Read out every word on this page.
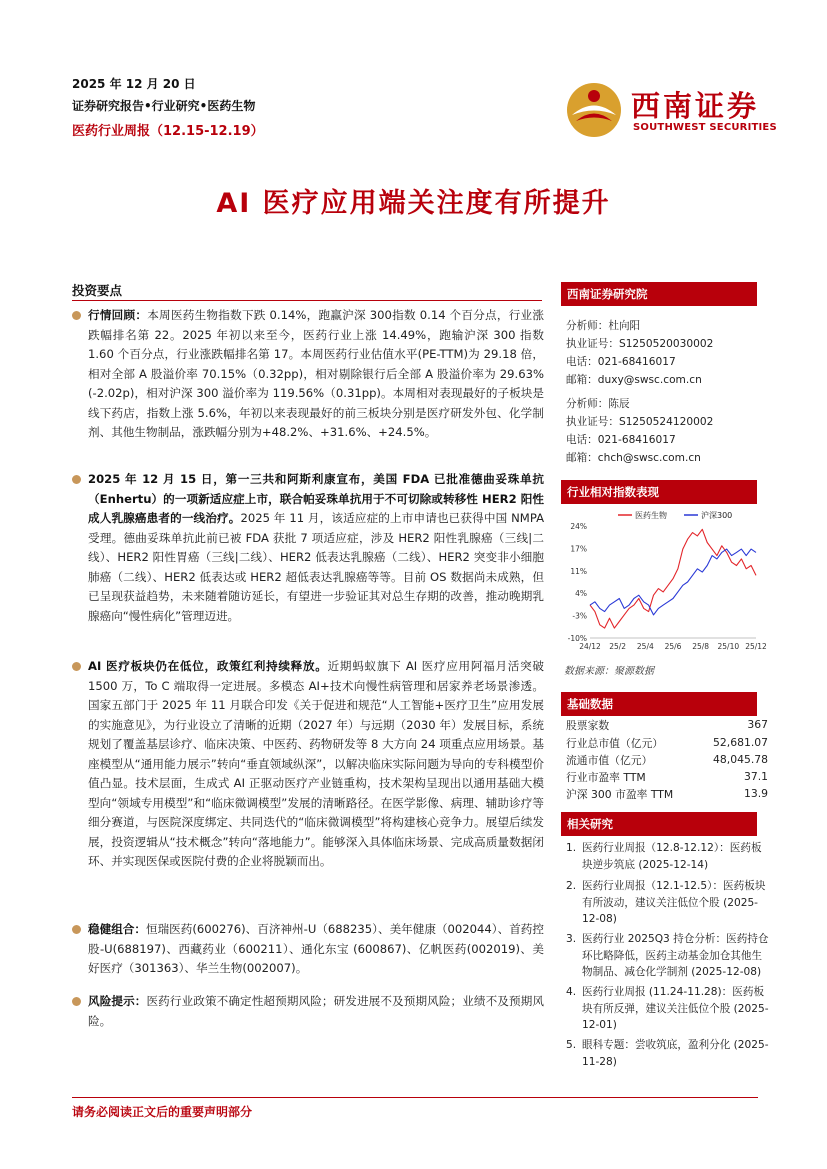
2025 年 12 月 20 日
证券研究报告•行业研究•医药生物
医药行业周报（12.15-12.19）
西南证券
SOUTHWEST SECURITIES
AI 医疗应用端关注度有所提升
投资要点
行情回顾：本周医药生物指数下跌 0.14%，跑赢沪深 300指数 0.14 个百分点，行业涨跌幅排名第 22。2025 年初以来至今，医药行业上涨 14.49%，跑输沪深 300 指数 1.60 个百分点，行业涨跌幅排名第 17。本周医药行业估值水平(PE-TTM)为 29.18 倍，相对全部 A 股溢价率 70.15%（0.32pp)，相对剔除银行后全部 A 股溢价率为 29.63%(-2.02p)，相对沪深 300 溢价率为 119.56%（0.31pp)。本周相对表现最好的子板块是线下药店，指数上涨 5.6%，年初以来表现最好的前三板块分别是医疗研发外包、化学制剂、其他生物制品，涨跌幅分别为+48.2%、+31.6%、+24.5%。
2025 年 12 月 15 日，第一三共和阿斯利康宣布，美国 FDA 已批准德曲妥珠单抗（Enhertu）的一项新适应症上市，联合帕妥珠单抗用于不可切除或转移性 HER2 阳性成人乳腺癌患者的一线治疗。2025 年 11 月，该适应症的上市申请也已获得中国 NMPA 受理。德曲妥珠单抗此前已被 FDA 获批 7 项适应症，涉及 HER2 阳性乳腺癌（三线|二线）、HER2 阳性胃癌（三线|二线）、HER2 低表达乳腺癌（二线）、HER2 突变非小细胞肺癌（二线）、HER2 低表达或 HER2 超低表达乳腺癌等等。目前 OS 数据尚未成熟，但已呈现获益趋势，未来随着随访延长，有望进一步验证其对总生存期的改善，推动晚期乳腺癌向“慢性病化”管理迈进。
AI 医疗板块仍在低位，政策红利持续释放。近期蚂蚁旗下 AI 医疗应用阿福月活突破 1500 万，To C 端取得一定进展。多模态 AI+技术向慢性病管理和居家养老场景渗透。国家五部门于 2025 年 11 月联合印发《关于促进和规范“人工智能+医疗卫生”应用发展的实施意见》，为行业设立了清晰的近期（2027 年）与远期（2030 年）发展目标，系统规划了覆盖基层诊疗、临床决策、中医药、药物研发等 8 大方向 24 项重点应用场景。基座模型从“通用能力展示”转向“垂直领域纵深”，以解决临床实际问题为导向的专科模型价值凸显。技术层面，生成式 AI 正驱动医疗产业链重构，技术架构呈现出以通用基础大模型向“领域专用模型”和“临床微调模型”发展的清晰路径。在医学影像、病理、辅助诊疗等细分赛道，与医院深度绑定、共同迭代的“临床微调模型”将构建核心竞争力。展望后续发展，投资逻辑从“技术概念”转向“落地能力”。能够深入具体临床场景、完成高质量数据闭环、并实现医保或医院付费的企业将脱颖而出。
稳健组合：恒瑞医药(600276)、百济神州-U（688235）、美年健康（002044）、首药控股-U(688197)、西藏药业（600211）、通化东宝 (600867)、亿帆医药(002019)、美好医疗（301363）、华兰生物(002007)。
风险提示：医药行业政策不确定性超预期风险；研发进展不及预期风险；业绩不及预期风险。
西南证券研究院
分析师：杜向阳
执业证号：S1250520030002
电话：021-68416017
邮箱：duxy@swsc.com.cn
分析师：陈辰
执业证号：S1250524120002
电话：021-68416017
邮箱：chch@swsc.com.cn
行业相对指数表现
24%
17%
11%
4%
-3%
-10%
24/12 25/2 25/4 25/6 25/8 25/10 25/12
医药生物	沪深300
数据来源：聚源数据
基础数据
股票家数	367
行业总市值（亿元）	52,681.07
流通市值（亿元）	48,045.78
行业市盈率 TTM	37.1
沪深 300 市盈率 TTM	13.9
相关研究
1. 医药行业周报（12.8-12.12）：医药板块逆步筑底 (2025-12-14)
2. 医药行业周报（12.1-12.5）：医药板块有所波动，建议关注低位个股 (2025-12-08)
3. 医药行业 2025Q3 持仓分析：医药持仓环比略降低，医药主动基金加仓其他生物制品、减仓化学制剂 (2025-12-08)
4. 医药行业周报 (11.24-11.28)：医药板块有所反弹，建议关注低位个股 (2025-12-01)
5. 眼科专题：尝收筑底，盈利分化 (2025-11-28)
请务必阅读正文后的重要声明部分
